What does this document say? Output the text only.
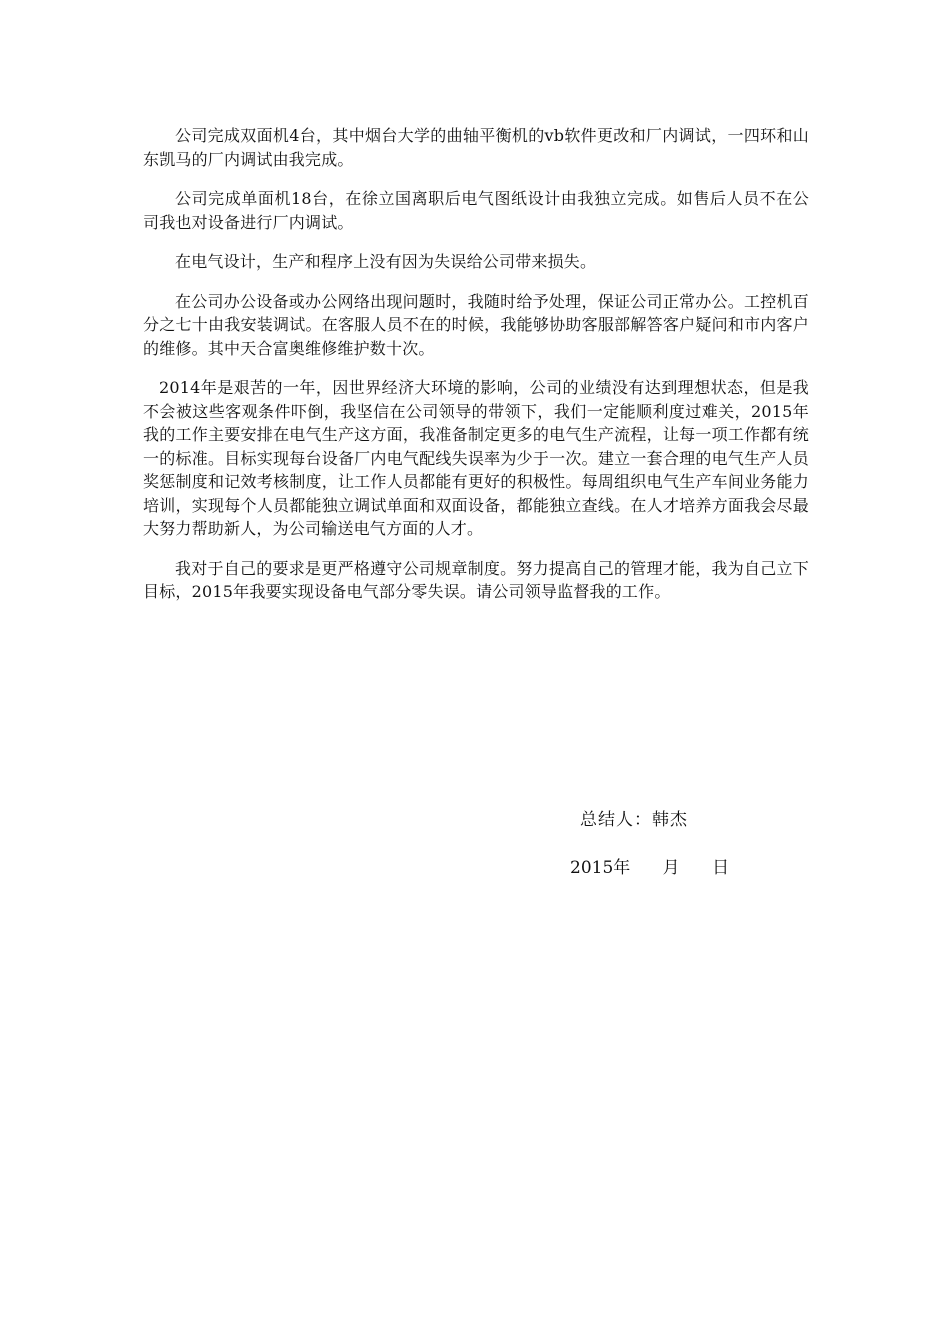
公司完成双面机4台，其中烟台大学的曲轴平衡机的vb软件更改和厂内调试，一四环和山东凯马的厂内调试由我完成。

公司完成单面机18台，在徐立国离职后电气图纸设计由我独立完成。如售后人员不在公司我也对设备进行厂内调试。

在电气设计，生产和程序上没有因为失误给公司带来损失。

在公司办公设备或办公网络出现问题时，我随时给予处理，保证公司正常办公。工控机百分之七十由我安装调试。在客服人员不在的时候，我能够协助客服部解答客户疑问和市内客户的维修。其中天合富奥维修维护数十次。

2014年是艰苦的一年，因世界经济大环境的影响，公司的业绩没有达到理想状态，但是我不会被这些客观条件吓倒，我坚信在公司领导的带领下，我们一定能顺利度过难关，2015年我的工作主要安排在电气生产这方面，我准备制定更多的电气生产流程，让每一项工作都有统一的标准。目标实现每台设备厂内电气配线失误率为少于一次。建立一套合理的电气生产人员奖惩制度和记效考核制度，让工作人员都能有更好的积极性。每周组织电气生产车间业务能力培训，实现每个人员都能独立调试单面和双面设备，都能独立查线。在人才培养方面我会尽最大努力帮助新人，为公司输送电气方面的人才。

我对于自己的要求是更严格遵守公司规章制度。努力提高自己的管理才能，我为自己立下目标，2015年我要实现设备电气部分零失误。请公司领导监督我的工作。

总结人：韩杰

2015年      月      日
